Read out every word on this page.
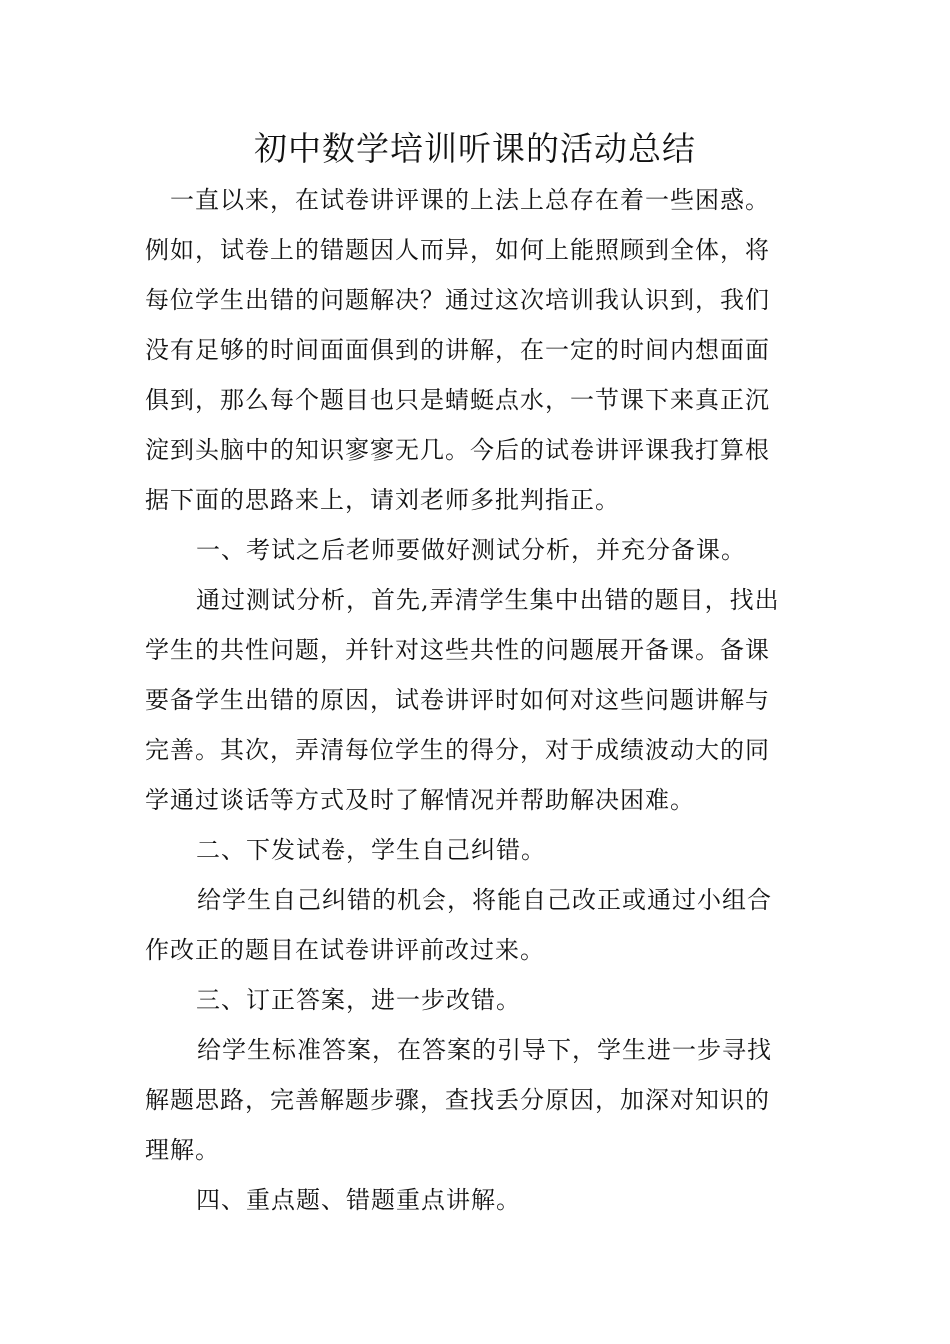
初中数学培训听课的活动总结
　一直以来，在试卷讲评课的上法上总存在着一些困惑。
例如，试卷上的错题因人而异，如何上能照顾到全体，将
每位学生出错的问题解决？通过这次培训我认识到，我们
没有足够的时间面面俱到的讲解，在一定的时间内想面面
俱到，那么每个题目也只是蜻蜓点水，一节课下来真正沉
淀到头脑中的知识寥寥无几。今后的试卷讲评课我打算根
据下面的思路来上，请刘老师多批判指正。
一、考试之后老师要做好测试分析，并充分备课。
通过测试分析，首先,弄清学生集中出错的题目，找出
学生的共性问题，并针对这些共性的问题展开备课。备课
要备学生出错的原因，试卷讲评时如何对这些问题讲解与
完善。其次，弄清每位学生的得分，对于成绩波动大的同
学通过谈话等方式及时了解情况并帮助解决困难。
二、下发试卷，学生自己纠错。
　给学生自己纠错的机会，将能自己改正或通过小组合
作改正的题目在试卷讲评前改过来。
三、订正答案，进一步改错。
　给学生标准答案，在答案的引导下，学生进一步寻找
解题思路，完善解题步骤，查找丢分原因，加深对知识的
理解。
四、重点题、错题重点讲解。
